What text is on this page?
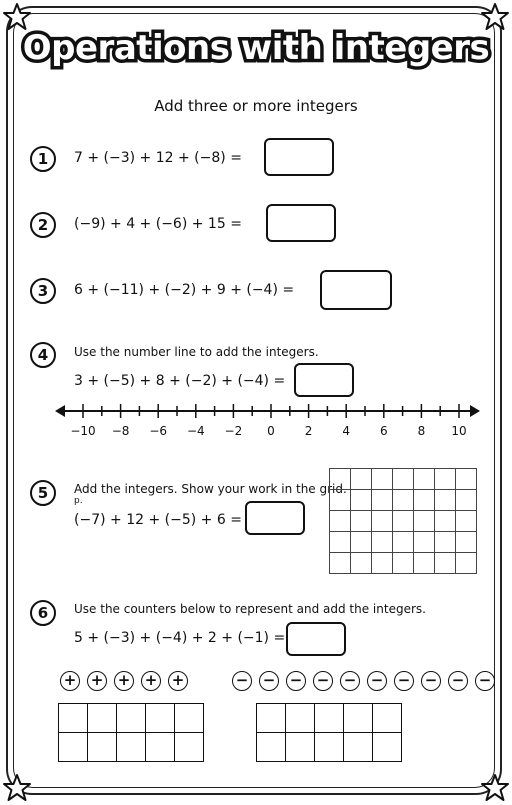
Operations with integers
Add three or more integers
1	7 + (−3) + 12 + (−8) =
2	(−9) + 4 + (−6) + 15 =
3	6 + (−11) + (−2) + 9 + (−4) =
4	Use the number line to add the integers.
3 + (−5) + 8 + (−2) + (−4) =
−10	−8	−6	−4	−2	0	2	4	6	8	10
5	Add the integers. Show your work in the grid.
p.
(−7) + 12 + (−5) + 6 =

6	Use the counters below to represent and add the integers.
5 + (−3) + (−4) + 2 + (−1) =
+ + + + +	− − − − − − − − − −
